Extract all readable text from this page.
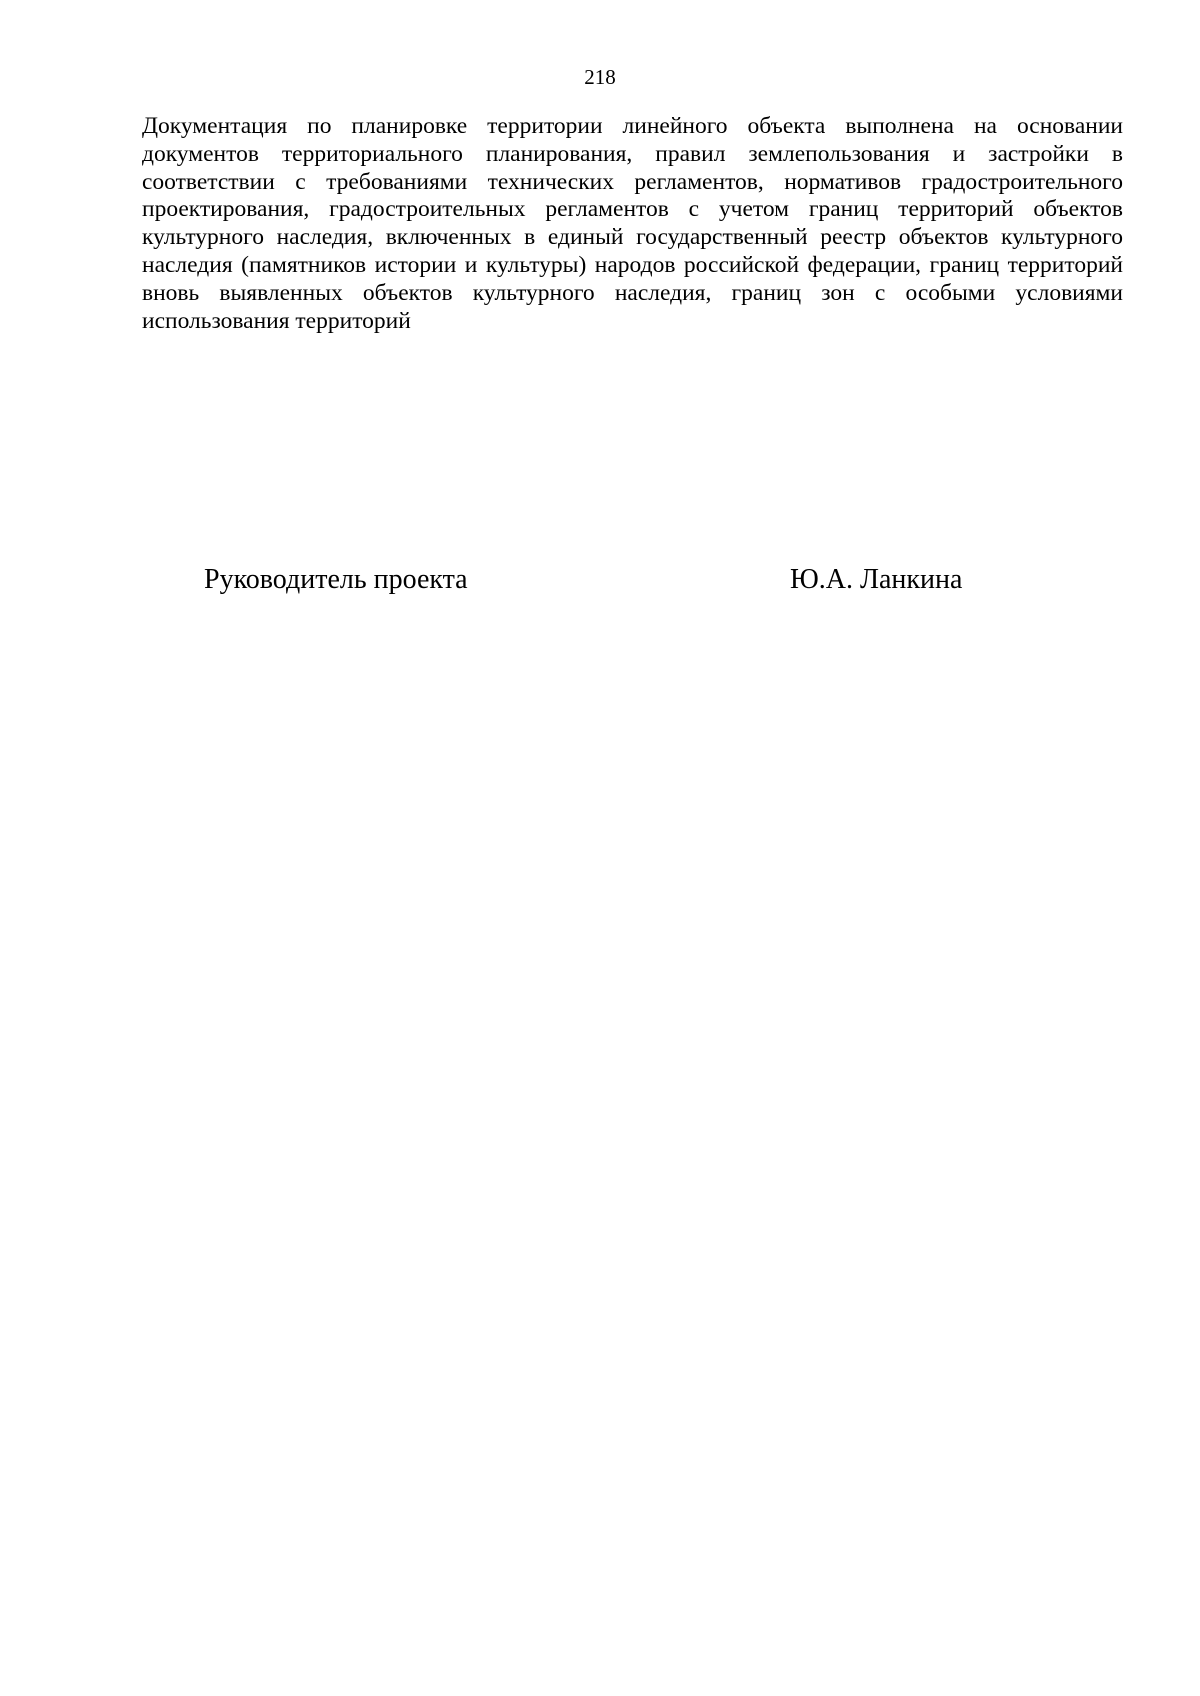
218

Документация по планировке территории линейного объекта выполнена на основании документов территориального планирования, правил землепользования и застройки в соответствии с требованиями технических регламентов, нормативов градостроительного проектирования, градостроительных регламентов с учетом границ территорий объектов культурного наследия, включенных в единый государственный реестр объектов культурного наследия (памятников истории и культуры) народов российской федерации, границ территорий вновь выявленных объектов культурного наследия, границ зон с особыми условиями использования территорий

Руководитель проекта	Ю.А. Ланкина
